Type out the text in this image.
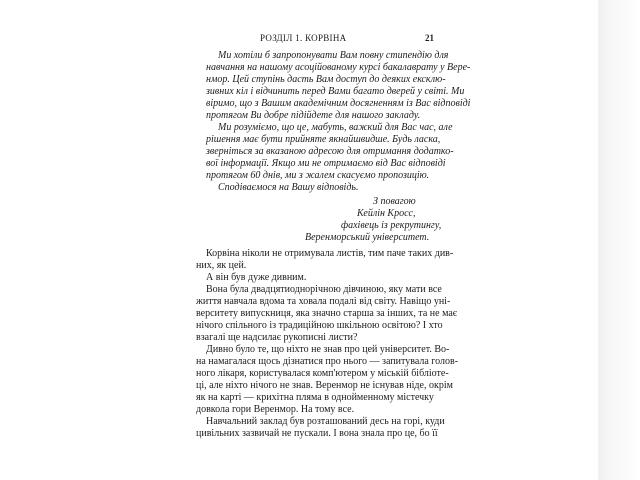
РОЗДІЛ 1. КОРВІНА	21
Ми хотіли б запропонувати Вам повну стипендію для
навчання на нашому асоційованому курсі бакалаврату у Вере-
нмор. Цей ступінь дасть Вам доступ до деяких ексклю-
зивних кіл і відчинить перед Вами багато дверей у світі. Ми
віримо, що з Вашим академічним досягненням із Вас відповіді
протягом Ви добре підійдете для нашого закладу.
Ми розуміємо, що це, мабуть, важкий для Вас час, але
рішення має бути прийняте якнайшвидше. Будь ласка,
зверніться за вказаною адресою для отримання додатко-
вої інформації. Якщо ми не отримаємо від Вас відповіді
протягом 60 днів, ми з жалем скасуємо пропозицію.
Сподіваємося на Вашу відповідь.
З повагою
Кейлін Кросс,
фахівець із рекрутингу,
Веренморський університет.
Корвіна ніколи не отримувала листів, тим паче таких див-
них, як цей.
А він був дуже дивним.
Вона була двадцятиоднорічною дівчиною, яку мати все
життя навчала вдома та ховала подалі від світу. Навіщо уні-
верситету випускниця, яка значно старша за інших, та не має
нічого спільного із традиційною шкільною освітою? І хто
взагалі ще надсилає рукописні листи?
Дивно було те, що ніхто не знав про цей університет. Во-
на намагалася щось дізнатися про нього — запитувала голов-
ного лікаря, користувалася комп'ютером у міській бібліоте-
ці, але ніхто нічого не знав. Веренмор не існував ніде, окрім
як на карті — крихітна пляма в однойменному містечку
довкола гори Веренмор. На тому все.
Навчальний заклад був розташований десь на горі, куди
цивільних зазвичай не пускали. І вона знала про це, бо її
